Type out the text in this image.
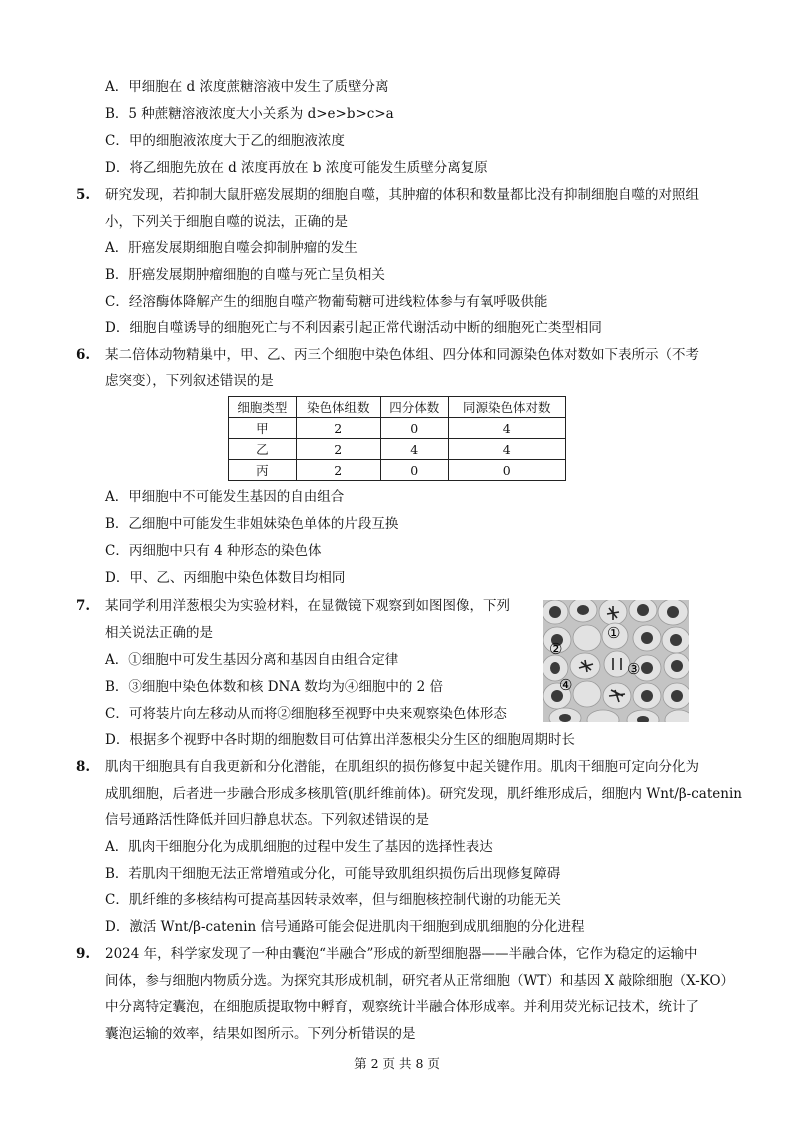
A．甲细胞在 d 浓度蔗糖溶液中发生了质壁分离
B．5 种蔗糖溶液浓度大小关系为 d>e>b>c>a
C．甲的细胞液浓度大于乙的细胞液浓度
D．将乙细胞先放在 d 浓度再放在 b 浓度可能发生质壁分离复原
5. 研究发现，若抑制大鼠肝癌发展期的细胞自噬，其肿瘤的体积和数量都比没有抑制细胞自噬的对照组
小，下列关于细胞自噬的说法，正确的是
A．肝癌发展期细胞自噬会抑制肿瘤的发生
B．肝癌发展期肿瘤细胞的自噬与死亡呈负相关
C．经溶酶体降解产生的细胞自噬产物葡萄糖可进线粒体参与有氧呼吸供能
D．细胞自噬诱导的细胞死亡与不利因素引起正常代谢活动中断的细胞死亡类型相同
6. 某二倍体动物精巢中，甲、乙、丙三个细胞中染色体组、四分体和同源染色体对数如下表所示（不考
虑突变），下列叙述错误的是
细胞类型	染色体组数	四分体数	同源染色体对数
甲	2	0	4
乙	2	4	4
丙	2	0	0
A．甲细胞中不可能发生基因的自由组合
B．乙细胞中可能发生非姐妹染色单体的片段互换
C．丙细胞中只有 4 种形态的染色体
D．甲、乙、丙细胞中染色体数目均相同
7. 某同学利用洋葱根尖为实验材料，在显微镜下观察到如图图像，下列
相关说法正确的是
A．①细胞中可发生基因分离和基因自由组合定律
B．③细胞中染色体数和核 DNA 数均为④细胞中的 2 倍
C．可将装片向左移动从而将②细胞移至视野中央来观察染色体形态
D．根据多个视野中各时期的细胞数目可估算出洋葱根尖分生区的细胞周期时长
①
②
③
④
8. 肌肉干细胞具有自我更新和分化潜能，在肌组织的损伤修复中起关键作用。肌肉干细胞可定向分化为
成肌细胞，后者进一步融合形成多核肌管(肌纤维前体)。研究发现，肌纤维形成后，细胞内 Wnt/β-catenin
信号通路活性降低并回归静息状态。下列叙述错误的是
A．肌肉干细胞分化为成肌细胞的过程中发生了基因的选择性表达
B．若肌肉干细胞无法正常增殖或分化，可能导致肌组织损伤后出现修复障碍
C．肌纤维的多核结构可提高基因转录效率，但与细胞核控制代谢的功能无关
D．激活 Wnt/β-catenin 信号通路可能会促进肌肉干细胞到成肌细胞的分化进程
9. 2024 年，科学家发现了一种由囊泡“半融合”形成的新型细胞器——半融合体，它作为稳定的运输中
间体，参与细胞内物质分选。为探究其形成机制，研究者从正常细胞（WT）和基因 X 敲除细胞（X-KO）
中分离特定囊泡，在细胞质提取物中孵育，观察统计半融合体形成率。并利用荧光标记技术，统计了
囊泡运输的效率，结果如图所示。下列分析错误的是
第 2 页 共 8 页
